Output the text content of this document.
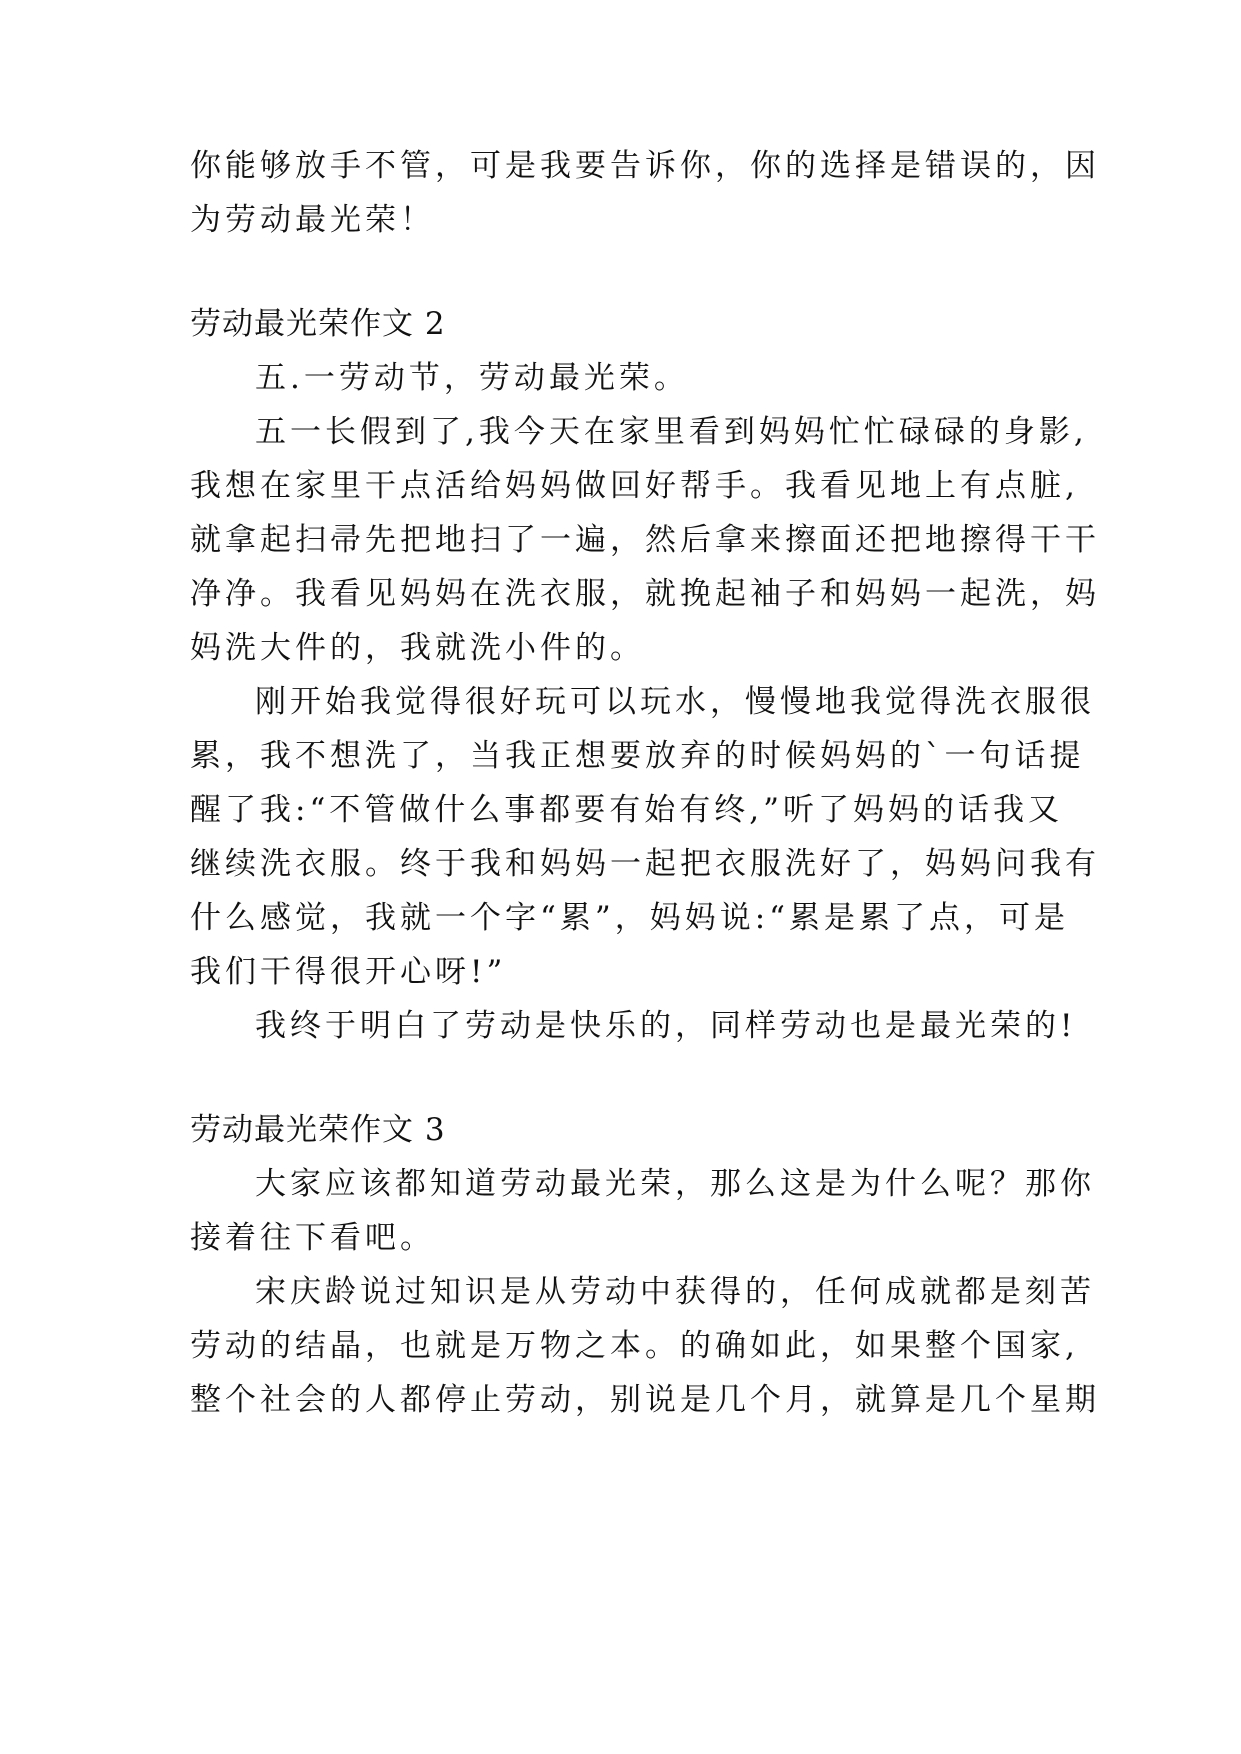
你能够放手不管，可是我要告诉你，你的选择是错误的，因
为劳动最光荣！
劳动最光荣作文 2
五.一劳动节，劳动最光荣。
五一长假到了,我今天在家里看到妈妈忙忙碌碌的身影,
我想在家里干点活给妈妈做回好帮手。我看见地上有点脏,
就拿起扫帚先把地扫了一遍，然后拿来擦面还把地擦得干干
净净。我看见妈妈在洗衣服，就挽起袖子和妈妈一起洗，妈
妈洗大件的，我就洗小件的。
刚开始我觉得很好玩可以玩水，慢慢地我觉得洗衣服很
累，我不想洗了，当我正想要放弃的时候妈妈的`一句话提
醒了我:“不管做什么事都要有始有终,”听了妈妈的话我又
继续洗衣服。终于我和妈妈一起把衣服洗好了，妈妈问我有
什么感觉，我就一个字“累”，妈妈说:“累是累了点，可是
我们干得很开心呀!”
我终于明白了劳动是快乐的，同样劳动也是最光荣的!
劳动最光荣作文 3
大家应该都知道劳动最光荣，那么这是为什么呢？那你
接着往下看吧。
宋庆龄说过知识是从劳动中获得的，任何成就都是刻苦
劳动的结晶，也就是万物之本。的确如此，如果整个国家,
整个社会的人都停止劳动，别说是几个月，就算是几个星期
